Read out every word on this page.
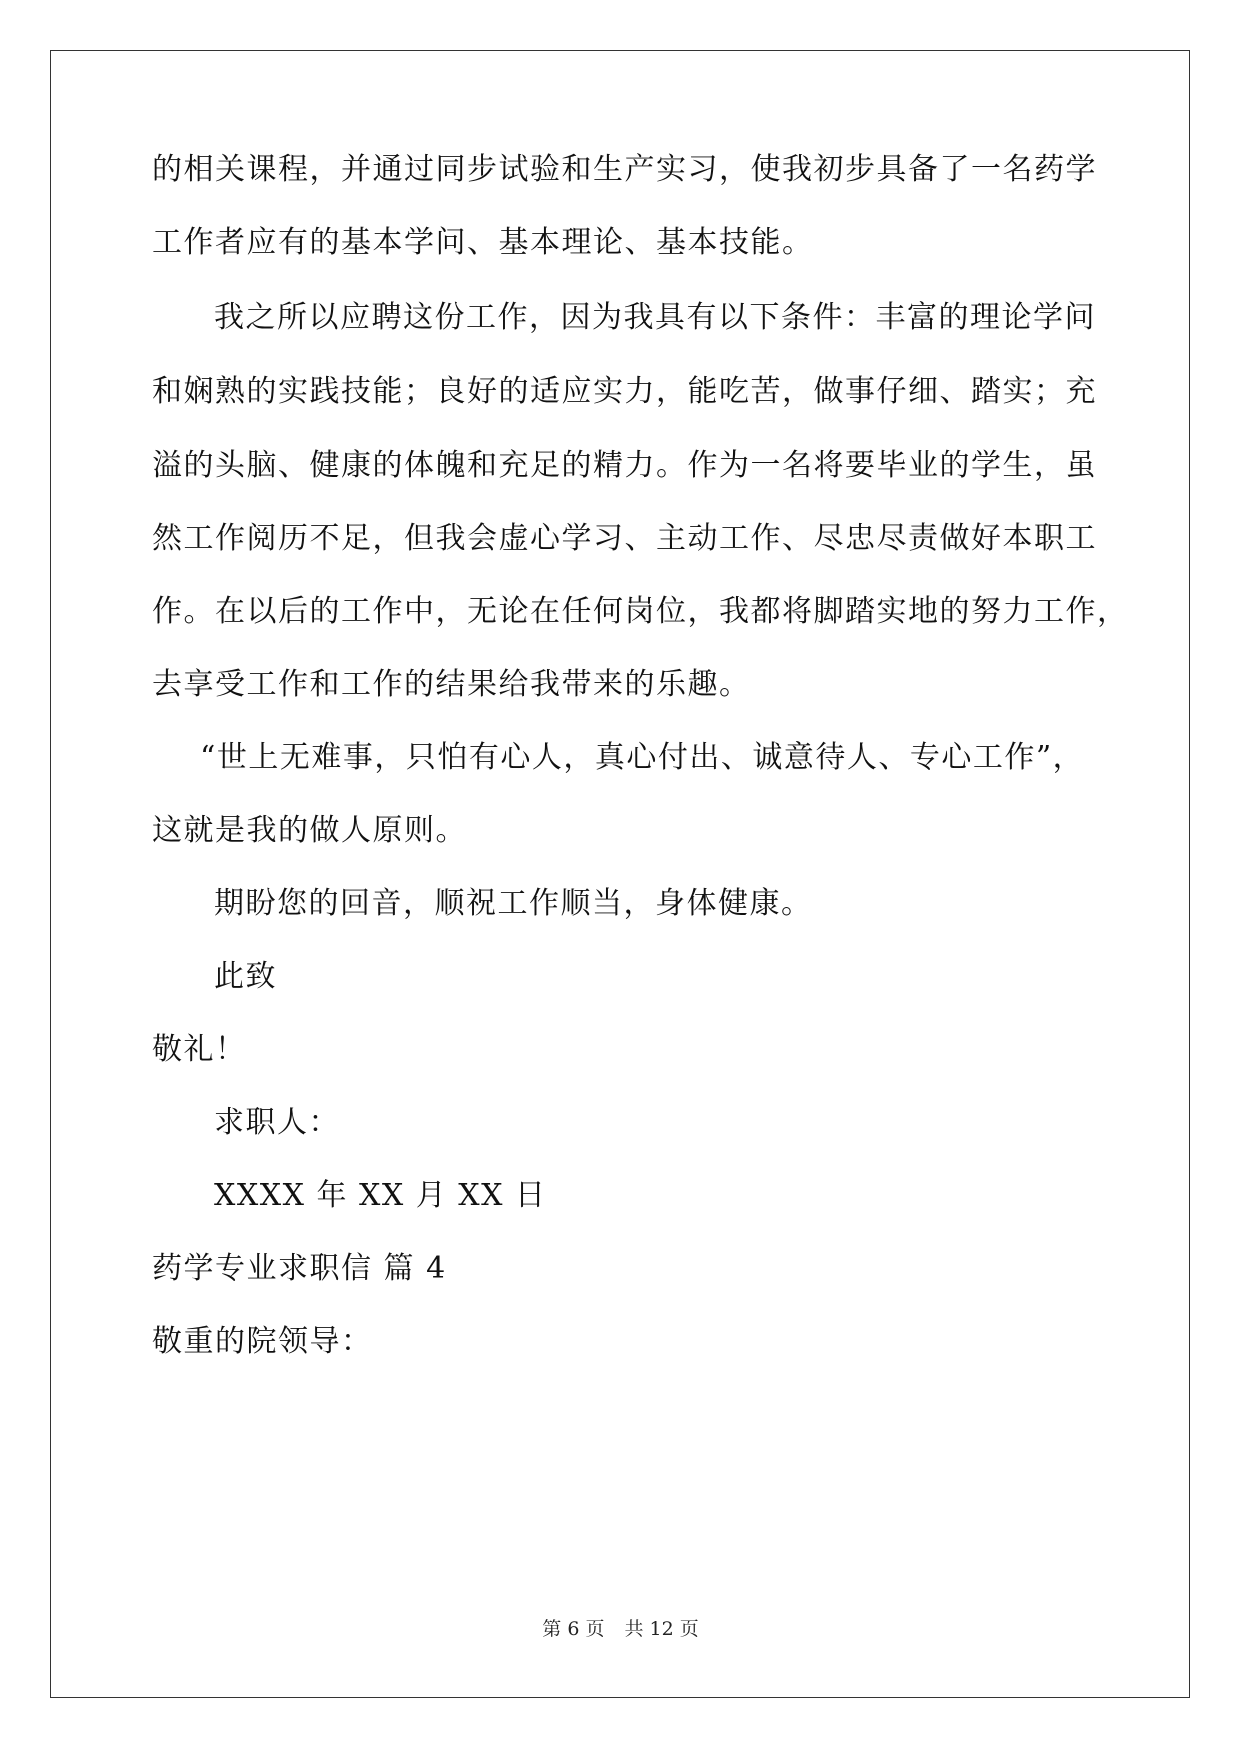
的相关课程，并通过同步试验和生产实习，使我初步具备了一名药学
工作者应有的基本学问、基本理论、基本技能。
我之所以应聘这份工作，因为我具有以下条件：丰富的理论学问
和娴熟的实践技能；良好的适应实力，能吃苦，做事仔细、踏实；充
溢的头脑、健康的体魄和充足的精力。作为一名将要毕业的学生，虽
然工作阅历不足，但我会虚心学习、主动工作、尽忠尽责做好本职工
作。在以后的工作中，无论在任何岗位，我都将脚踏实地的努力工作，
去享受工作和工作的结果给我带来的乐趣。
“世上无难事，只怕有心人，真心付出、诚意待人、专心工作”，
这就是我的做人原则。
期盼您的回音，顺祝工作顺当，身体健康。
此致
敬礼！
求职人：
XXXX 年 XX 月 XX 日
药学专业求职信 篇 4
敬重的院领导：
第 6 页 共 12 页
